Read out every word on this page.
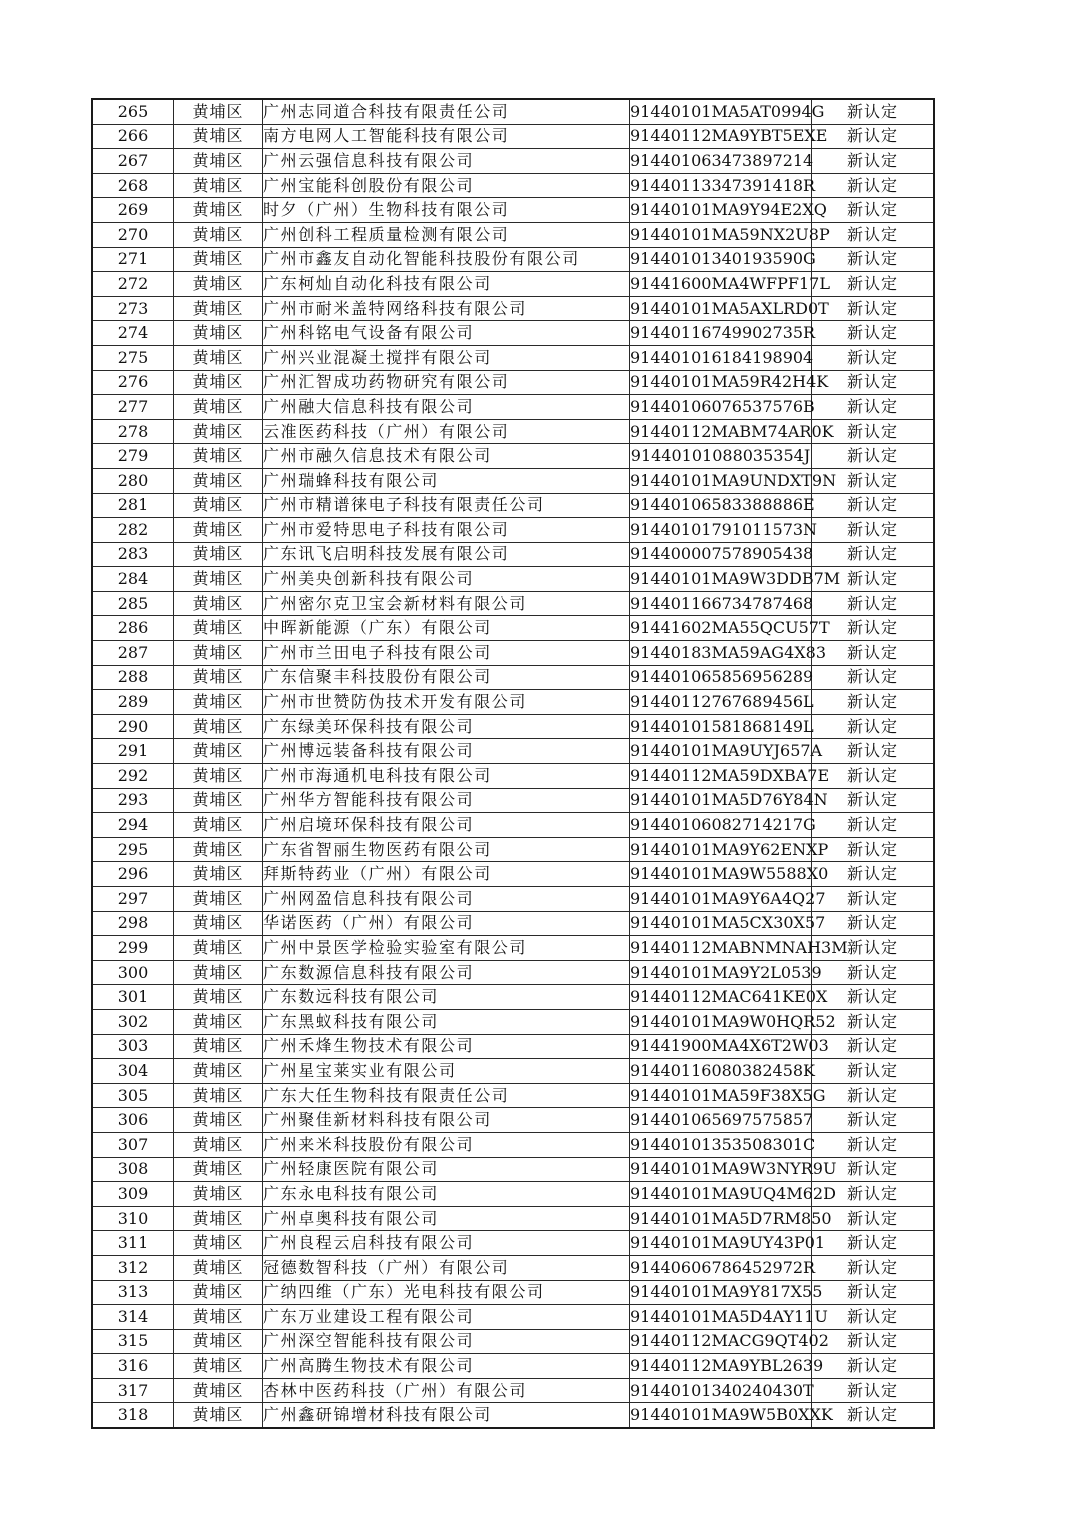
265	黄埔区	广州志同道合科技有限责任公司	91440101MA5AT0994G	新认定
266	黄埔区	南方电网人工智能科技有限公司	91440112MA9YBT5EXE	新认定
267	黄埔区	广州云强信息科技有限公司	914401063473897214	新认定
268	黄埔区	广州宝能科创股份有限公司	91440113347391418R	新认定
269	黄埔区	时夕（广州）生物科技有限公司	91440101MA9Y94E2XQ	新认定
270	黄埔区	广州创科工程质量检测有限公司	91440101MA59NX2U8P	新认定
271	黄埔区	广州市鑫友自动化智能科技股份有限公司	91440101340193590G	新认定
272	黄埔区	广东柯灿自动化科技有限公司	91441600MA4WFPF17L	新认定
273	黄埔区	广州市耐米盖特网络科技有限公司	91440101MA5AXLRD0T	新认定
274	黄埔区	广州科铭电气设备有限公司	91440116749902735R	新认定
275	黄埔区	广州兴业混凝土搅拌有限公司	914401016184198904	新认定
276	黄埔区	广州汇智成功药物研究有限公司	91440101MA59R42H4K	新认定
277	黄埔区	广州融大信息科技有限公司	91440106076537576B	新认定
278	黄埔区	云准医药科技（广州）有限公司	91440112MABM74AR0K	新认定
279	黄埔区	广州市融久信息技术有限公司	91440101088035354J	新认定
280	黄埔区	广州瑞蜂科技有限公司	91440101MA9UNDXT9N	新认定
281	黄埔区	广州市精谱徕电子科技有限责任公司	91440106583388886E	新认定
282	黄埔区	广州市爱特思电子科技有限公司	91440101791011573N	新认定
283	黄埔区	广东讯飞启明科技发展有限公司	914400007578905438	新认定
284	黄埔区	广州美央创新科技有限公司	91440101MA9W3DDB7M	新认定
285	黄埔区	广州密尔克卫宝会新材料有限公司	914401166734787468	新认定
286	黄埔区	中晖新能源（广东）有限公司	91441602MA55QCU57T	新认定
287	黄埔区	广州市兰田电子科技有限公司	91440183MA59AG4X83	新认定
288	黄埔区	广东信聚丰科技股份有限公司	914401065856956289	新认定
289	黄埔区	广州市世赞防伪技术开发有限公司	91440112767689456L	新认定
290	黄埔区	广东绿美环保科技有限公司	91440101581868149L	新认定
291	黄埔区	广州博远装备科技有限公司	91440101MA9UYJ657A	新认定
292	黄埔区	广州市海通机电科技有限公司	91440112MA59DXBA7E	新认定
293	黄埔区	广州华方智能科技有限公司	91440101MA5D76Y84N	新认定
294	黄埔区	广州启境环保科技有限公司	91440106082714217G	新认定
295	黄埔区	广东省智丽生物医药有限公司	91440101MA9Y62ENXP	新认定
296	黄埔区	拜斯特药业（广州）有限公司	91440101MA9W5588X0	新认定
297	黄埔区	广州网盈信息科技有限公司	91440101MA9Y6A4Q27	新认定
298	黄埔区	华诺医药（广州）有限公司	91440101MA5CX30X57	新认定
299	黄埔区	广州中景医学检验实验室有限公司	91440112MABNMNAH3M	新认定
300	黄埔区	广东数源信息科技有限公司	91440101MA9Y2L0539	新认定
301	黄埔区	广东数远科技有限公司	91440112MAC641KE0X	新认定
302	黄埔区	广东黑蚁科技有限公司	91440101MA9W0HQR52	新认定
303	黄埔区	广州禾烽生物技术有限公司	91441900MA4X6T2W03	新认定
304	黄埔区	广州星宝莱实业有限公司	91440116080382458K	新认定
305	黄埔区	广东大任生物科技有限责任公司	91440101MA59F38X5G	新认定
306	黄埔区	广州聚佳新材料科技有限公司	914401065697575857	新认定
307	黄埔区	广州来米科技股份有限公司	91440101353508301C	新认定
308	黄埔区	广州轻康医院有限公司	91440101MA9W3NYR9U	新认定
309	黄埔区	广东永电科技有限公司	91440101MA9UQ4M62D	新认定
310	黄埔区	广州卓奥科技有限公司	91440101MA5D7RM850	新认定
311	黄埔区	广州良程云启科技有限公司	91440101MA9UY43P01	新认定
312	黄埔区	冠德数智科技（广州）有限公司	91440606786452972R	新认定
313	黄埔区	广纳四维（广东）光电科技有限公司	91440101MA9Y817X55	新认定
314	黄埔区	广东万业建设工程有限公司	91440101MA5D4AY11U	新认定
315	黄埔区	广州深空智能科技有限公司	91440112MACG9QT402	新认定
316	黄埔区	广州高腾生物技术有限公司	91440112MA9YBL2639	新认定
317	黄埔区	杏林中医药科技（广州）有限公司	91440101340240430T	新认定
318	黄埔区	广州鑫研锦增材科技有限公司	91440101MA9W5B0XXK	新认定
